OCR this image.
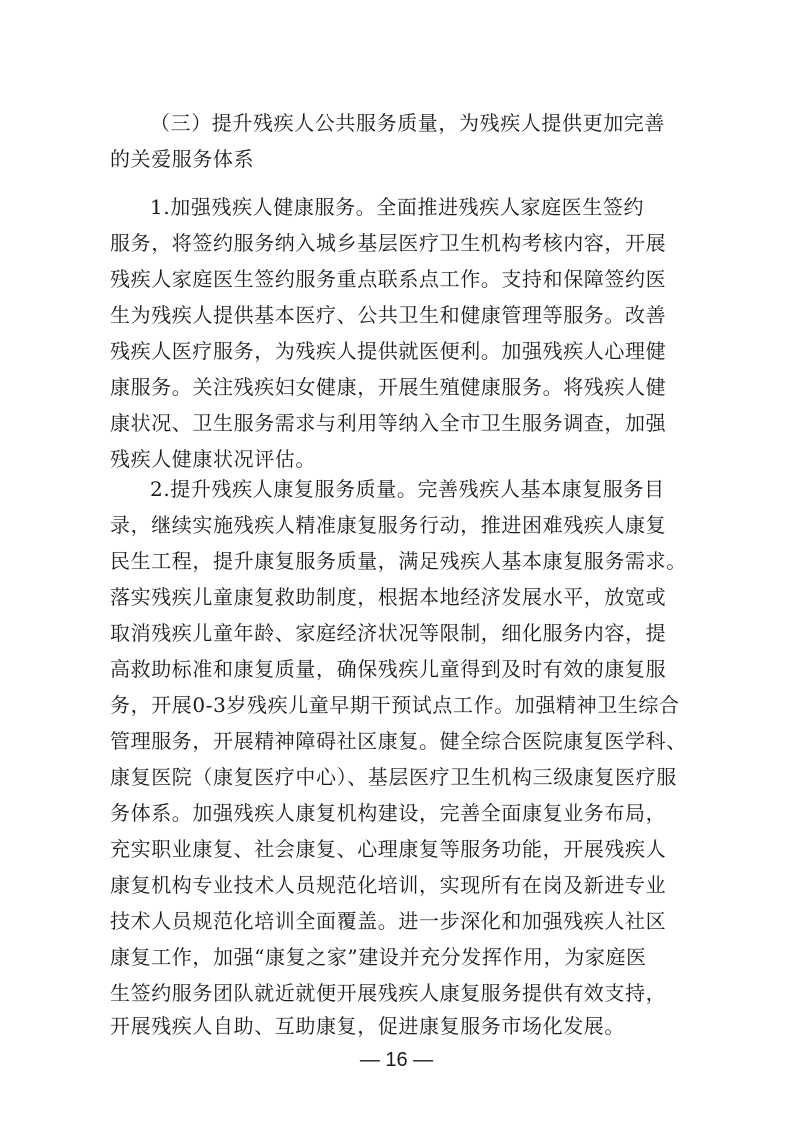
（三）提升残疾人公共服务质量，为残疾人提供更加完善
的关爱服务体系
1.加强残疾人健康服务。全面推进残疾人家庭医生签约
服务，将签约服务纳入城乡基层医疗卫生机构考核内容，开展
残疾人家庭医生签约服务重点联系点工作。支持和保障签约医
生为残疾人提供基本医疗、公共卫生和健康管理等服务。改善
残疾人医疗服务，为残疾人提供就医便利。加强残疾人心理健
康服务。关注残疾妇女健康，开展生殖健康服务。将残疾人健
康状况、卫生服务需求与利用等纳入全市卫生服务调查，加强
残疾人健康状况评估。
2.提升残疾人康复服务质量。完善残疾人基本康复服务目
录，继续实施残疾人精准康复服务行动，推进困难残疾人康复
民生工程，提升康复服务质量，满足残疾人基本康复服务需求。
落实残疾儿童康复救助制度，根据本地经济发展水平，放宽或
取消残疾儿童年龄、家庭经济状况等限制，细化服务内容，提
高救助标准和康复质量，确保残疾儿童得到及时有效的康复服
务，开展0-3岁残疾儿童早期干预试点工作。加强精神卫生综合
管理服务，开展精神障碍社区康复。健全综合医院康复医学科、
康复医院（康复医疗中心）、基层医疗卫生机构三级康复医疗服
务体系。加强残疾人康复机构建设，完善全面康复业务布局，
充实职业康复、社会康复、心理康复等服务功能，开展残疾人
康复机构专业技术人员规范化培训，实现所有在岗及新进专业
技术人员规范化培训全面覆盖。进一步深化和加强残疾人社区
康复工作，加强“康复之家”建设并充分发挥作用，为家庭医
生签约服务团队就近就便开展残疾人康复服务提供有效支持，
开展残疾人自助、互助康复，促进康复服务市场化发展。
— 16 —
